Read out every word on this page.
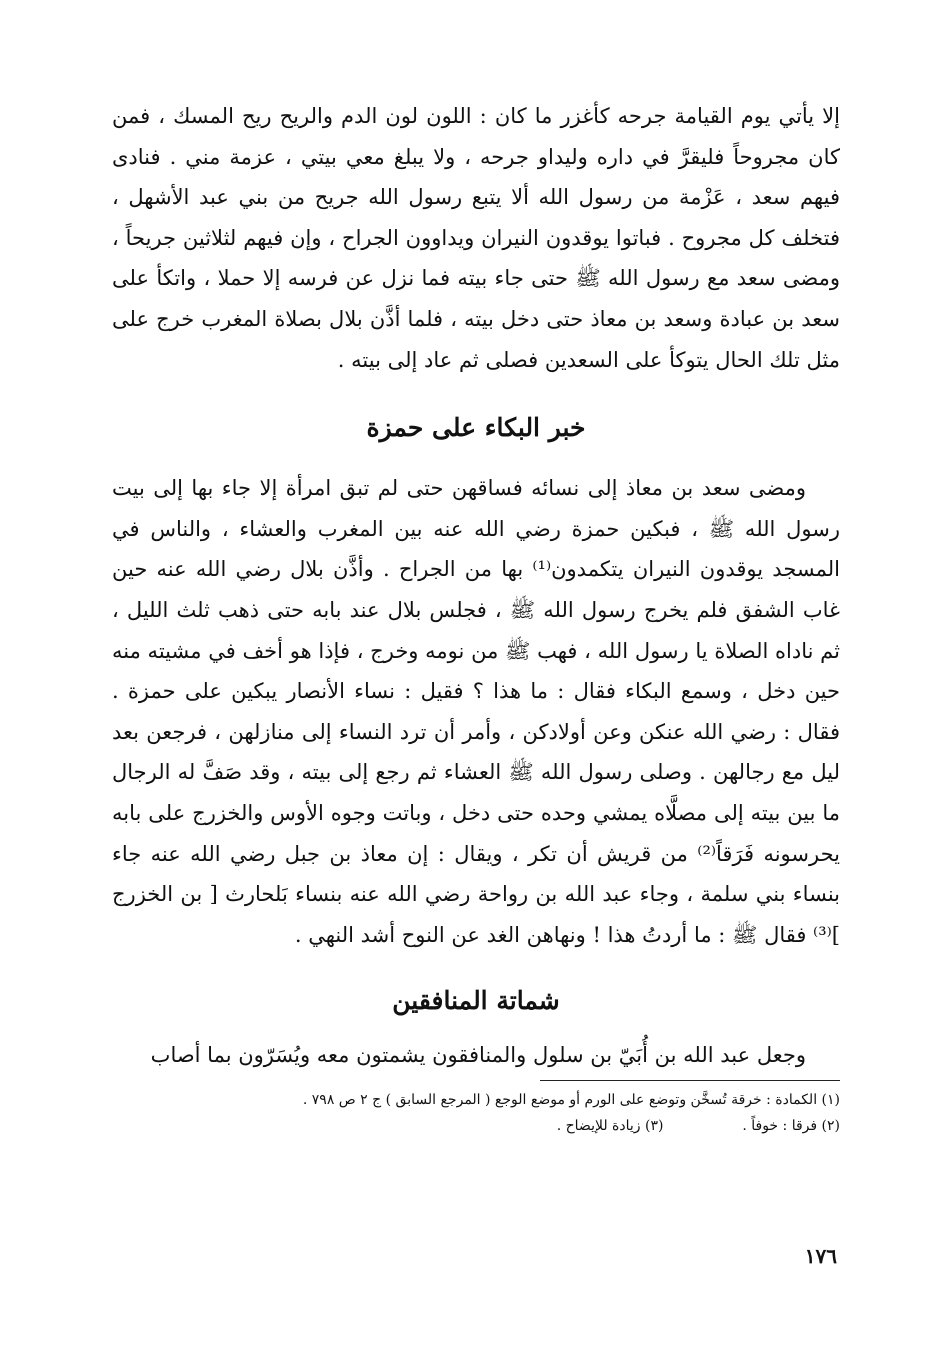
إلا يأتي يوم القيامة جرحه كأغزر ما كان : اللون لون الدم والريح ريح المسك ، فمن كان مجروحاً فليقرَّ في داره وليداو جرحه ، ولا يبلغ معي بيتي ، عزمة مني . فنادى فيهم سعد ، عَزْمة من رسول الله ألا يتبع رسول الله جريح من بني عبد الأشهل ، فتخلف كل مجروح . فباتوا يوقدون النيران ويداوون الجراح ، وإن فيهم لثلاثين جريحاً ، ومضى سعد مع رسول الله ﷺ حتى جاء بيته فما نزل عن فرسه إلا حملا ، واتكأ على سعد بن عبادة وسعد بن معاذ حتى دخل بيته ، فلما أذَّن بلال بصلاة المغرب خرج على مثل تلك الحال يتوكأ على السعدين فصلى ثم عاد إلى بيته .

خبر البكاء على حمزة

ومضى سعد بن معاذ إلى نسائه فساقهن حتى لم تبق امرأة إلا جاء بها إلى بيت رسول الله ﷺ ، فبكين حمزة رضي الله عنه بين المغرب والعشاء ، والناس في المسجد يوقدون النيران يتكمدون⁽¹⁾ بها من الجراح . وأذَّن بلال رضي الله عنه حين غاب الشفق فلم يخرج رسول الله ﷺ ، فجلس بلال عند بابه حتى ذهب ثلث الليل ، ثم ناداه الصلاة يا رسول الله ، فهب ﷺ من نومه وخرج ، فإذا هو أخف في مشيته منه حين دخل ، وسمع البكاء فقال : ما هذا ؟ فقيل : نساء الأنصار يبكين على حمزة . فقال : رضي الله عنكن وعن أولادكن ، وأمر أن ترد النساء إلى منازلهن ، فرجعن بعد ليل مع رجالهن . وصلى رسول الله ﷺ العشاء ثم رجع إلى بيته ، وقد صَفَّ له الرجال ما بين بيته إلى مصلَّاه يمشي وحده حتى دخل ، وباتت وجوه الأوس والخزرج على بابه يحرسونه فَرَقاً⁽²⁾ من قريش أن تكر ، ويقال : إن معاذ بن جبل رضي الله عنه جاء بنساء بني سلمة ، وجاء عبد الله بن رواحة رضي الله عنه بنساء بَلحارث [ بن الخزرج ]⁽³⁾ فقال ﷺ : ما أردتُ هذا ! ونهاهن الغد عن النوح أشد النهي .

شماتة المنافقين

وجعل عبد الله بن أُبَيّ بن سلول والمنافقون يشمتون معه ويُسَرّون بما أصاب

(١) الكمادة : خرقة تُسخَّن وتوضع على الورم أو موضع الوجع ( المرجع السابق ) ج ٢ ص ٧٩٨ .
(٢) فرقا : خوفاً .  (٣) زيادة للإيضاح .
١٧٦
